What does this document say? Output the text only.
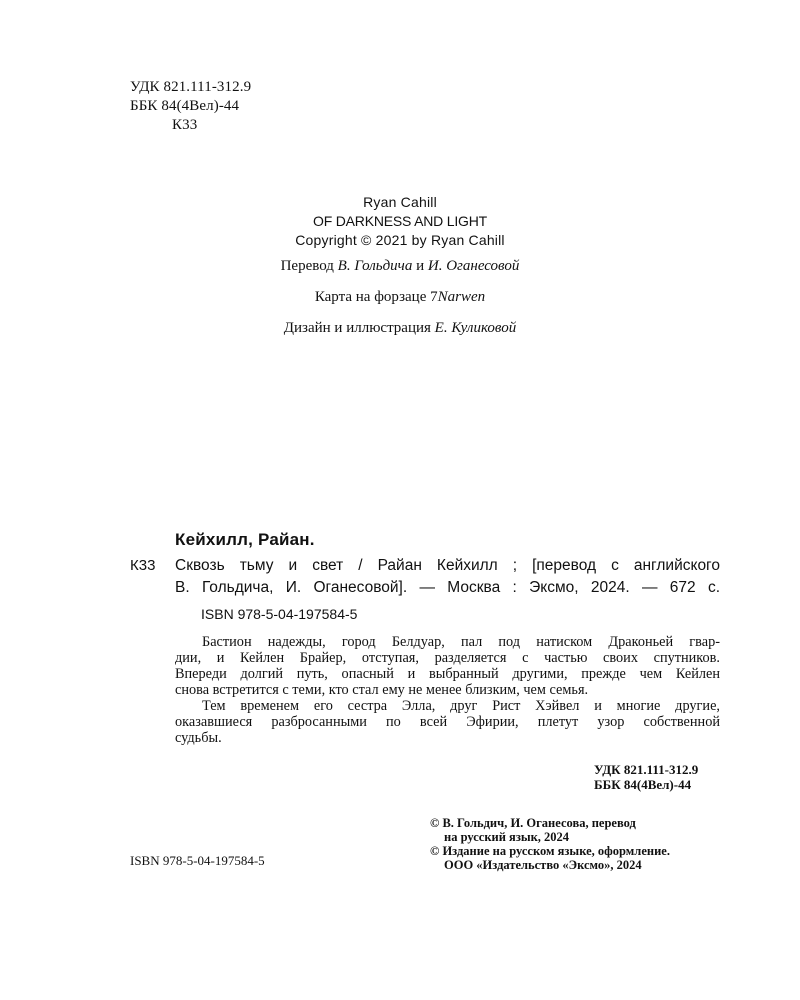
УДК 821.111-312.9
ББК 84(4Вел)-44
К33
Ryan Cahill
OF DARKNESS AND LIGHT
Copyright © 2021 by Ryan Cahill
Перевод В. Гольдича и И. Оганесовой
Карта на форзаце 7Narwen
Дизайн и иллюстрация Е. Куликовой
Кейхилл, Райан.
К33 Сквозь тьму и свет / Райан Кейхилл ; [перевод с английского
В. Гольдича, И. Оганесовой]. — Москва : Эксмо, 2024. — 672 с.
ISBN 978-5-04-197584-5
Бастион надежды, город Белдуар, пал под натиском Драконьей гвар-
дии, и Кейлен Брайер, отступая, разделяется с частью своих спутников.
Впереди долгий путь, опасный и выбранный другими, прежде чем Кейлен
снова встретится с теми, кто стал ему не менее близким, чем семья.
Тем временем его сестра Элла, друг Рист Хэйвел и многие другие,
оказавшиеся разбросанными по всей Эфирии, плетут узор собственной
судьбы.
УДК 821.111-312.9
ББК 84(4Вел)-44
© В. Гольдич, И. Оганесова, перевод
на русский язык, 2024
© Издание на русском языке, оформление.
ООО «Издательство «Эксмо», 2024
ISBN 978-5-04-197584-5
